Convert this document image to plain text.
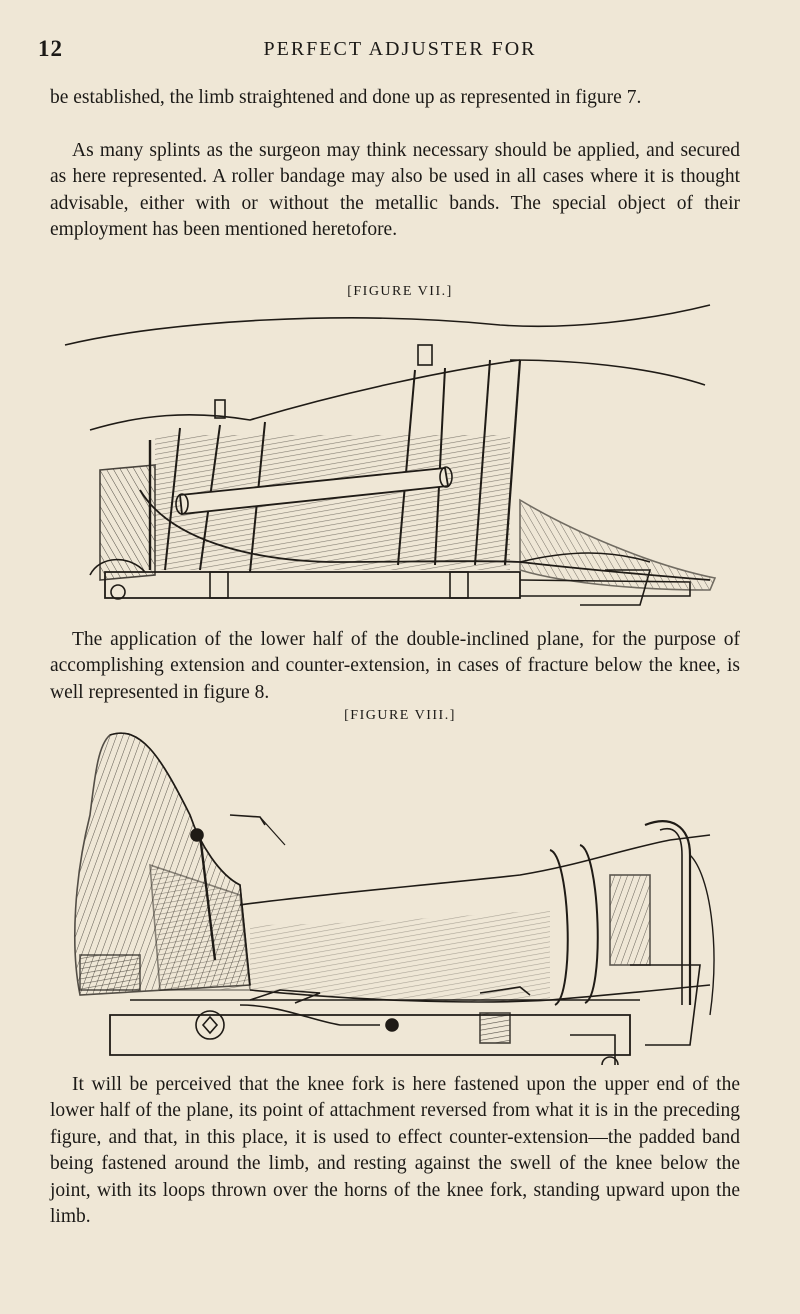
12	PERFECT ADJUSTER FOR

be established, the limb straightened and done up as represented in figure 7.

As many splints as the surgeon may think necessary should be applied, and secured as here represented. A roller bandage may also be used in all cases where it is thought advisable, either with or without the metallic bands. The special object of their employment has been mentioned heretofore.

[FIGURE VII.]

The application of the lower half of the double-inclined plane, for the purpose of accomplishing extension and counter-extension, in cases of fracture below the knee, is well represented in figure 8.

[FIGURE VIII.]

It will be perceived that the knee fork is here fastened upon the upper end of the lower half of the plane, its point of attachment reversed from what it is in the preceding figure, and that, in this place, it is used to effect counter-extension—the padded band being fastened around the limb, and resting against the swell of the knee below the joint, with its loops thrown over the horns of the knee fork, standing upward upon the limb.
